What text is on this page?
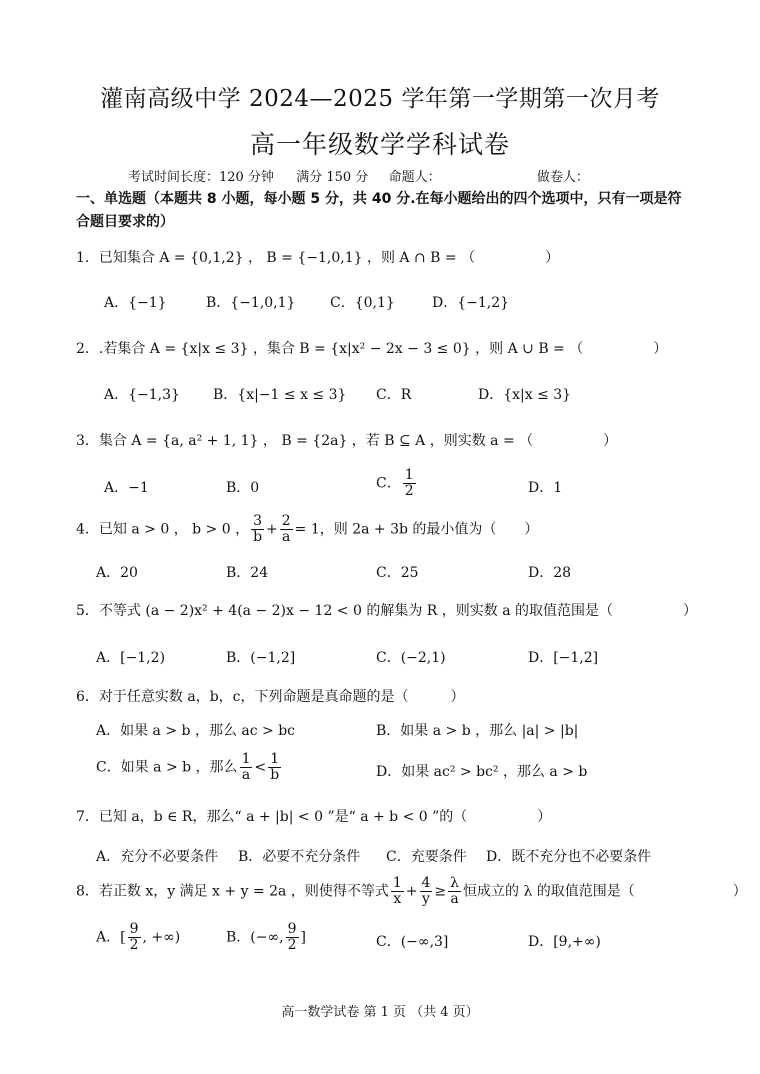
灌南高级中学 2024—2025 学年第一学期第一次月考
高一年级数学学科试卷
考试时间长度：120 分钟 满分 150 分 命题人：	做卷人：
一、单选题（本题共 8 小题，每小题 5 分，共 40 分.在每小题给出的四个选项中，只有一项是符合题目要求的）
1．已知集合 A = {0,1,2} ， B = {−1,0,1} ，则 A ∩ B = （　　　　　）
A．{−1}	B．{−1,0,1} C．{0,1}	D．{−1,2}
2．.若集合 A = {x|x ≤ 3} ，集合 B = {x|x² − 2x − 3 ≤ 0} ，则 A ∪ B = （　　　　　）
A．{−1,3} B．{x|−1 ≤ x ≤ 3} C．R	D．{x|x ≤ 3}
3．集合 A = {a, a² + 1, 1} ， B = {2a} ，若 B ⊆ A ，则实数 a = （　　　　　）
A．−1	B．0	C． $\frac{1}{2}$	D．1
4．已知 a > 0 ， b > 0 ， $\frac{3}{b} + \frac{2}{a} = 1$，则 2a + 3b 的最小值为（　　）
A．20	B．24	C．25	D．28
5．不等式 (a − 2)x² + 4(a − 2)x − 12 < 0 的解集为 R ，则实数 a 的取值范围是（　　　　　）
A．[−1,2)	B．(−1,2]	C．(−2,1)	D．[−1,2]
6．对于任意实数 a，b，c，下列命题是真命题的是（　　　）
A．如果 a > b ，那么 ac > bc	B．如果 a > b ，那么 |a| > |b|
C．如果 a > b ，那么 $\frac{1}{a} < \frac{1}{b}$	D．如果 ac² > bc² ，那么 a > b
7．已知 a，b ∈ R，那么“ a + |b| < 0 ”是“ a + b < 0 ”的（　　　　　）
A．充分不必要条件 B．必要不充分条件 C．充要条件 D．既不充分也不必要条件
8．若正数 x，y 满足 x + y = 2a ，则使得不等式 $\frac{1}{x} + \frac{4}{y} \ge \frac{\lambda}{a}$ 恒成立的 λ 的取值范围是（　　　　　　　）
A．[ $\frac{9}{2}$ , +∞)	B．(−∞, $\frac{9}{2}$ ]	C．(−∞,3]	D．[9,+∞)
高一数学试卷 第 1 页 （共 4 页）
